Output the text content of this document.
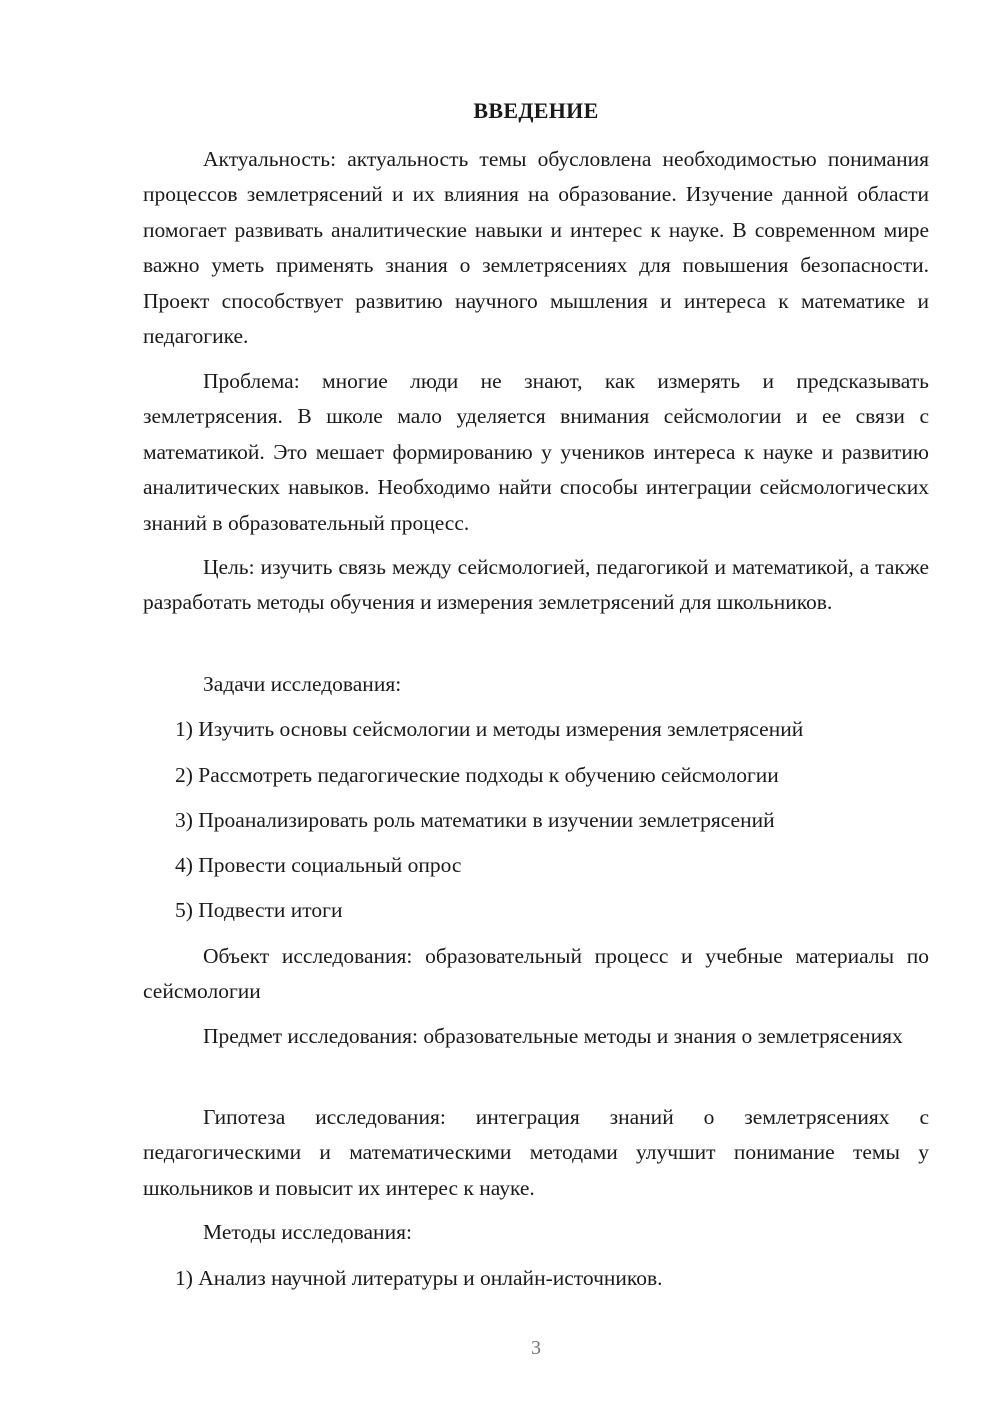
ВВЕДЕНИЕ

Актуальность: актуальность темы обусловлена необходимостью понимания процессов землетрясений и их влияния на образование. Изучение данной области помогает развивать аналитические навыки и интерес к науке. В современном мире важно уметь применять знания о землетрясениях для повышения безопасности. Проект способствует развитию научного мышления и интереса к математике и педагогике.

Проблема: многие люди не знают, как измерять и предсказывать землетрясения. В школе мало уделяется внимания сейсмологии и ее связи с математикой. Это мешает формированию у учеников интереса к науке и развитию аналитических навыков. Необходимо найти способы интеграции сейсмологических знаний в образовательный процесс.

Цель: изучить связь между сейсмологией, педагогикой и математикой, а также разработать методы обучения и измерения землетрясений для школьников.

Задачи исследования:

1) Изучить основы сейсмологии и методы измерения землетрясений

2) Рассмотреть педагогические подходы к обучению сейсмологии

3) Проанализировать роль математики в изучении землетрясений

4) Провести социальный опрос

5) Подвести итоги

Объект исследования: образовательный процесс и учебные материалы по сейсмологии

Предмет исследования: образовательные методы и знания о землетрясениях

Гипотеза исследования: интеграция знаний о землетрясениях с педагогическими и математическими методами улучшит понимание темы у школьников и повысит их интерес к науке.

Методы исследования:

1) Анализ научной литературы и онлайн-источников.

3
